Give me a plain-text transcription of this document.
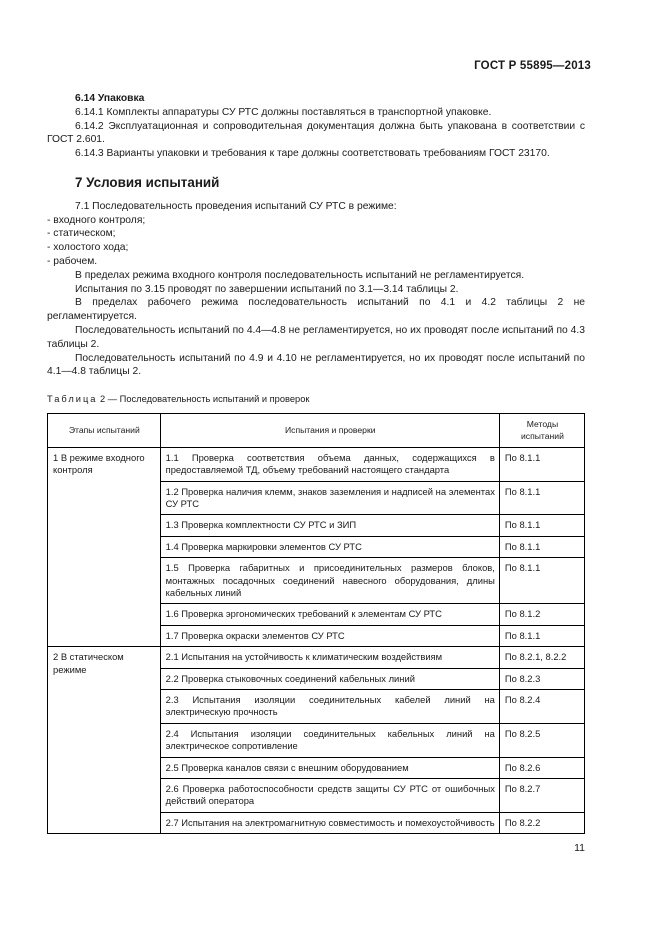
ГОСТ Р 55895—2013

6.14 Упаковка

6.14.1 Комплекты аппаратуры СУ РТС должны поставляться в транспортной упаковке.

6.14.2 Эксплуатационная и сопроводительная документация должна быть упакована в соответствии с ГОСТ 2.601.

6.14.3 Варианты упаковки и требования к таре должны соответствовать требованиям ГОСТ 23170.

7 Условия испытаний

7.1 Последовательность проведения испытаний СУ РТС в режиме:

- входного контроля;

- статическом;

- холостого хода;

- рабочем.

В пределах режима входного контроля последовательность испытаний не регламентируется.

Испытания по 3.15 проводят по завершении испытаний по 3.1—3.14 таблицы 2.

В пределах рабочего режима последовательность испытаний по 4.1 и 4.2 таблицы 2 не регламентируется.

Последовательность испытаний по 4.4—4.8 не регламентируется, но их проводят после испытаний по 4.3 таблицы 2.

Последовательность испытаний по 4.9 и 4.10 не регламентируется, но их проводят после испытаний по 4.1—4.8 таблицы 2.

Таблица 2 — Последовательность испытаний и проверок
Этапы испытаний	Испытания и проверки	Методы испытаний
1 В режиме входного контроля	1.1 Проверка соответствия объема данных, содержащихся в предоставляемой ТД, объему требований настоящего стандарта	По 8.1.1
	1.2 Проверка наличия клемм, знаков заземления и надписей на элементах СУ РТС	По 8.1.1
	1.3 Проверка комплектности СУ РТС и ЗИП	По 8.1.1
	1.4 Проверка маркировки элементов СУ РТС	По 8.1.1
	1.5 Проверка габаритных и присоединительных размеров блоков, монтажных посадочных соединений навесного оборудования, длины кабельных линий	По 8.1.1
	1.6 Проверка эргономических требований к элементам СУ РТС	По 8.1.2
	1.7 Проверка окраски элементов СУ РТС	По 8.1.1
2 В статическом режиме	2.1 Испытания на устойчивость к климатическим воздействиям	По 8.2.1, 8.2.2
	2.2 Проверка стыковочных соединений кабельных линий	По 8.2.3
	2.3 Испытания изоляции соединительных кабелей линий на электрическую прочность	По 8.2.4
	2.4 Испытания изоляции соединительных кабельных линий на электрическое сопротивление	По 8.2.5
	2.5 Проверка каналов связи с внешним оборудованием	По 8.2.6
	2.6 Проверка работоспособности средств защиты СУ РТС от ошибочных действий оператора	По 8.2.7
	2.7 Испытания на электромагнитную совместимость и помехоустойчивость	По 8.2.2
11
